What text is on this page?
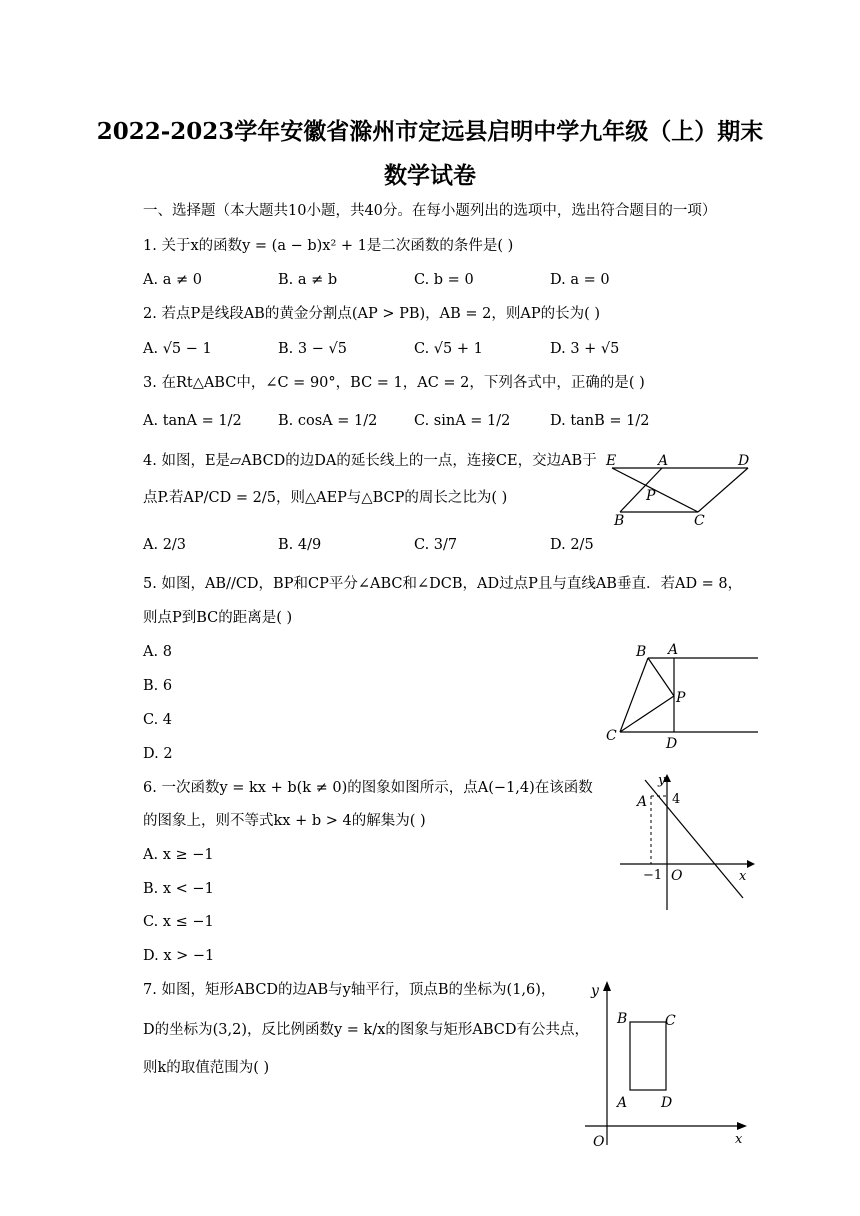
2022-2023学年安徽省滁州市定远县启明中学九年级（上）期末
数学试卷
一、选择题（本大题共10小题，共40分。在每小题列出的选项中，选出符合题目的一项）
1. 关于x的函数y = (a − b)x² + 1是二次函数的条件是( )
A. a ≠ 0	B. a ≠ b	C. b = 0	D. a = 0
2. 若点P是线段AB的黄金分割点(AP > PB)，AB = 2，则AP的长为( )
A. √5 − 1	B. 3 − √5	C. √5 + 1	D. 3 + √5
3. 在Rt△ABC中，∠C = 90°，BC = 1，AC = 2，下列各式中，正确的是( )
A. tanA = 1/2	B. cosA = 1/2	C. sinA = 1/2	D. tanB = 1/2
4. 如图，E是▱ABCD的边DA的延长线上的一点，连接CE，交边AB于
点P.若AP/CD = 2/5，则△AEP与△BCP的周长之比为( )
A. 2/3	B. 4/9	C. 3/7	D. 2/5
E	A	D
P
B	C
5. 如图，AB//CD，BP和CP平分∠ABC和∠DCB，AD过点P且与直线AB垂直．若AD = 8，
则点P到BC的距离是( )
A. 8
B. 6
C. 4
D. 2
B A
P
C	D
6. 一次函数y = kx + b(k ≠ 0)的图象如图所示，点A(−1,4)在该函数
的图象上，则不等式kx + b > 4的解集为( )
A. x ≥ −1
B. x < −1
C. x ≤ −1
D. x > −1
y
A 4
−1 O	x
7. 如图，矩形ABCD的边AB与y轴平行，顶点B的坐标为(1,6)，
D的坐标为(3,2)，反比例函数y = k/x的图象与矩形ABCD有公共点，
则k的取值范围为( )
y
B	C
A D
O	x
